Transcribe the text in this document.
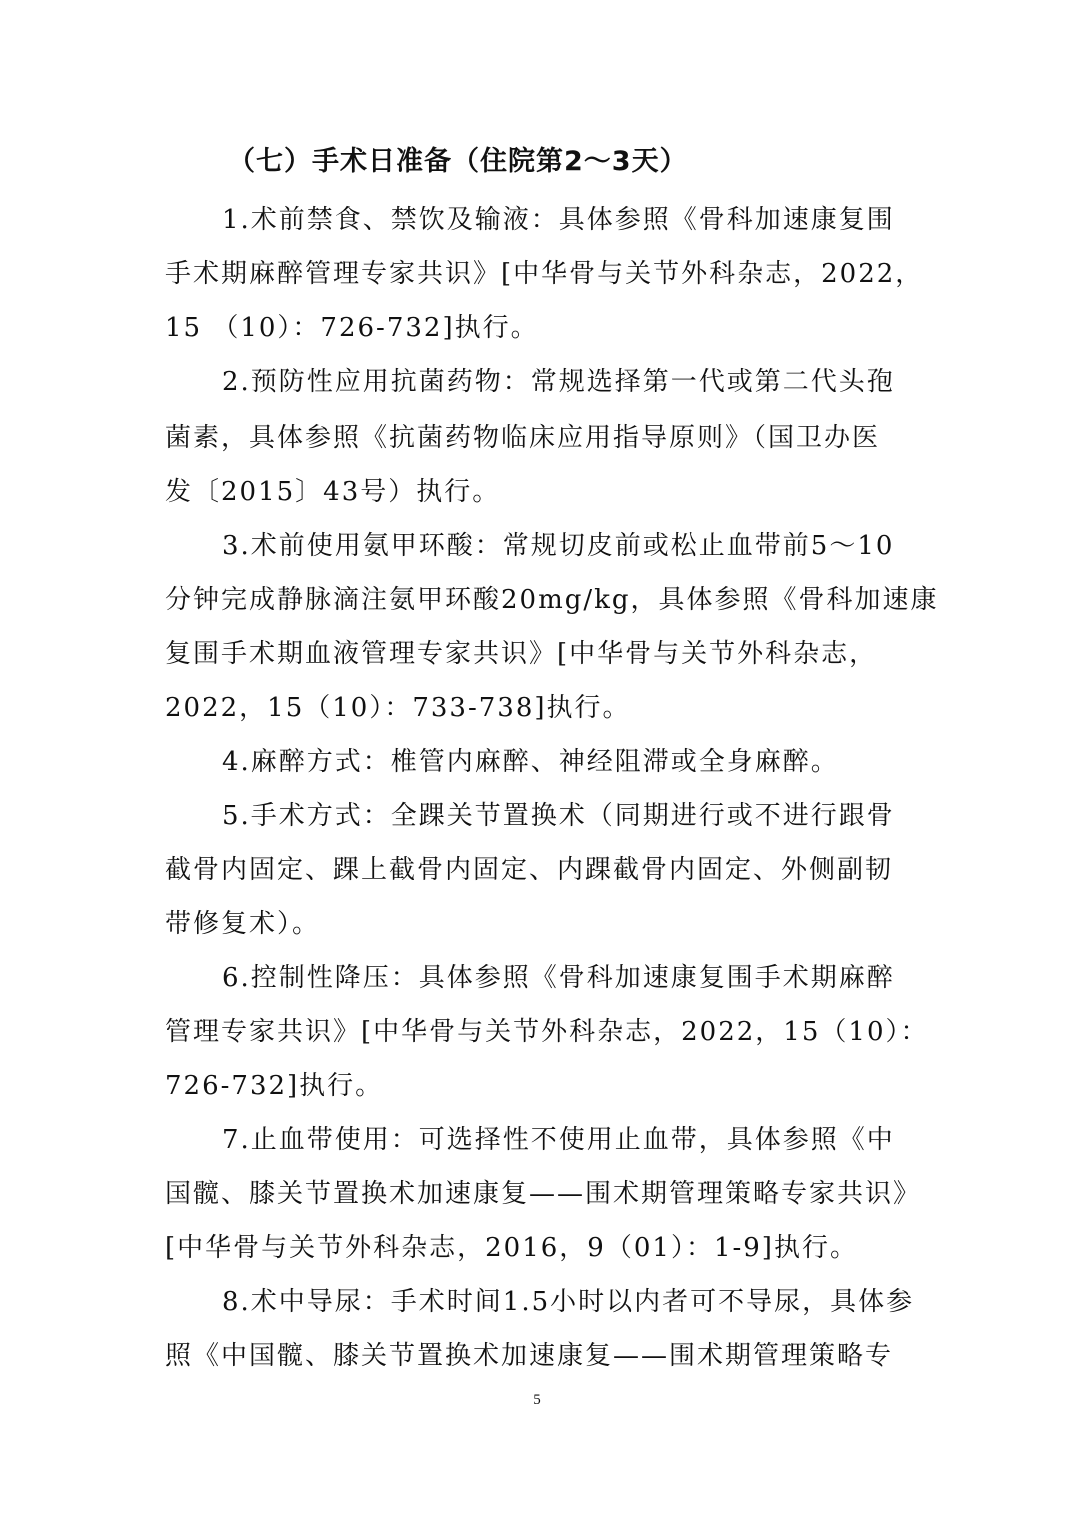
（七）手术日准备（住院第2～3天）
1.术前禁食、禁饮及输液：具体参照《骨科加速康复围
手术期麻醉管理专家共识》[中华骨与关节外科杂志，2022，
15 （10）：726-732]执行。
2.预防性应用抗菌药物：常规选择第一代或第二代头孢
菌素，具体参照《抗菌药物临床应用指导原则》（国卫办医
发〔2015〕43号）执行。
3.术前使用氨甲环酸：常规切皮前或松止血带前5～10
分钟完成静脉滴注氨甲环酸20mg/kg，具体参照《骨科加速康
复围手术期血液管理专家共识》[中华骨与关节外科杂志，
2022，15（10）：733-738]执行。
4.麻醉方式：椎管内麻醉、神经阻滞或全身麻醉。
5.手术方式：全踝关节置换术（同期进行或不进行跟骨
截骨内固定、踝上截骨内固定、内踝截骨内固定、外侧副韧
带修复术）。
6.控制性降压：具体参照《骨科加速康复围手术期麻醉
管理专家共识》[中华骨与关节外科杂志，2022，15（10）：
726-732]执行。
7.止血带使用：可选择性不使用止血带，具体参照《中
国髋、膝关节置换术加速康复——围术期管理策略专家共识》
[中华骨与关节外科杂志，2016，9（01）：1-9]执行。
8.术中导尿：手术时间1.5小时以内者可不导尿，具体参
照《中国髋、膝关节置换术加速康复——围术期管理策略专
5
